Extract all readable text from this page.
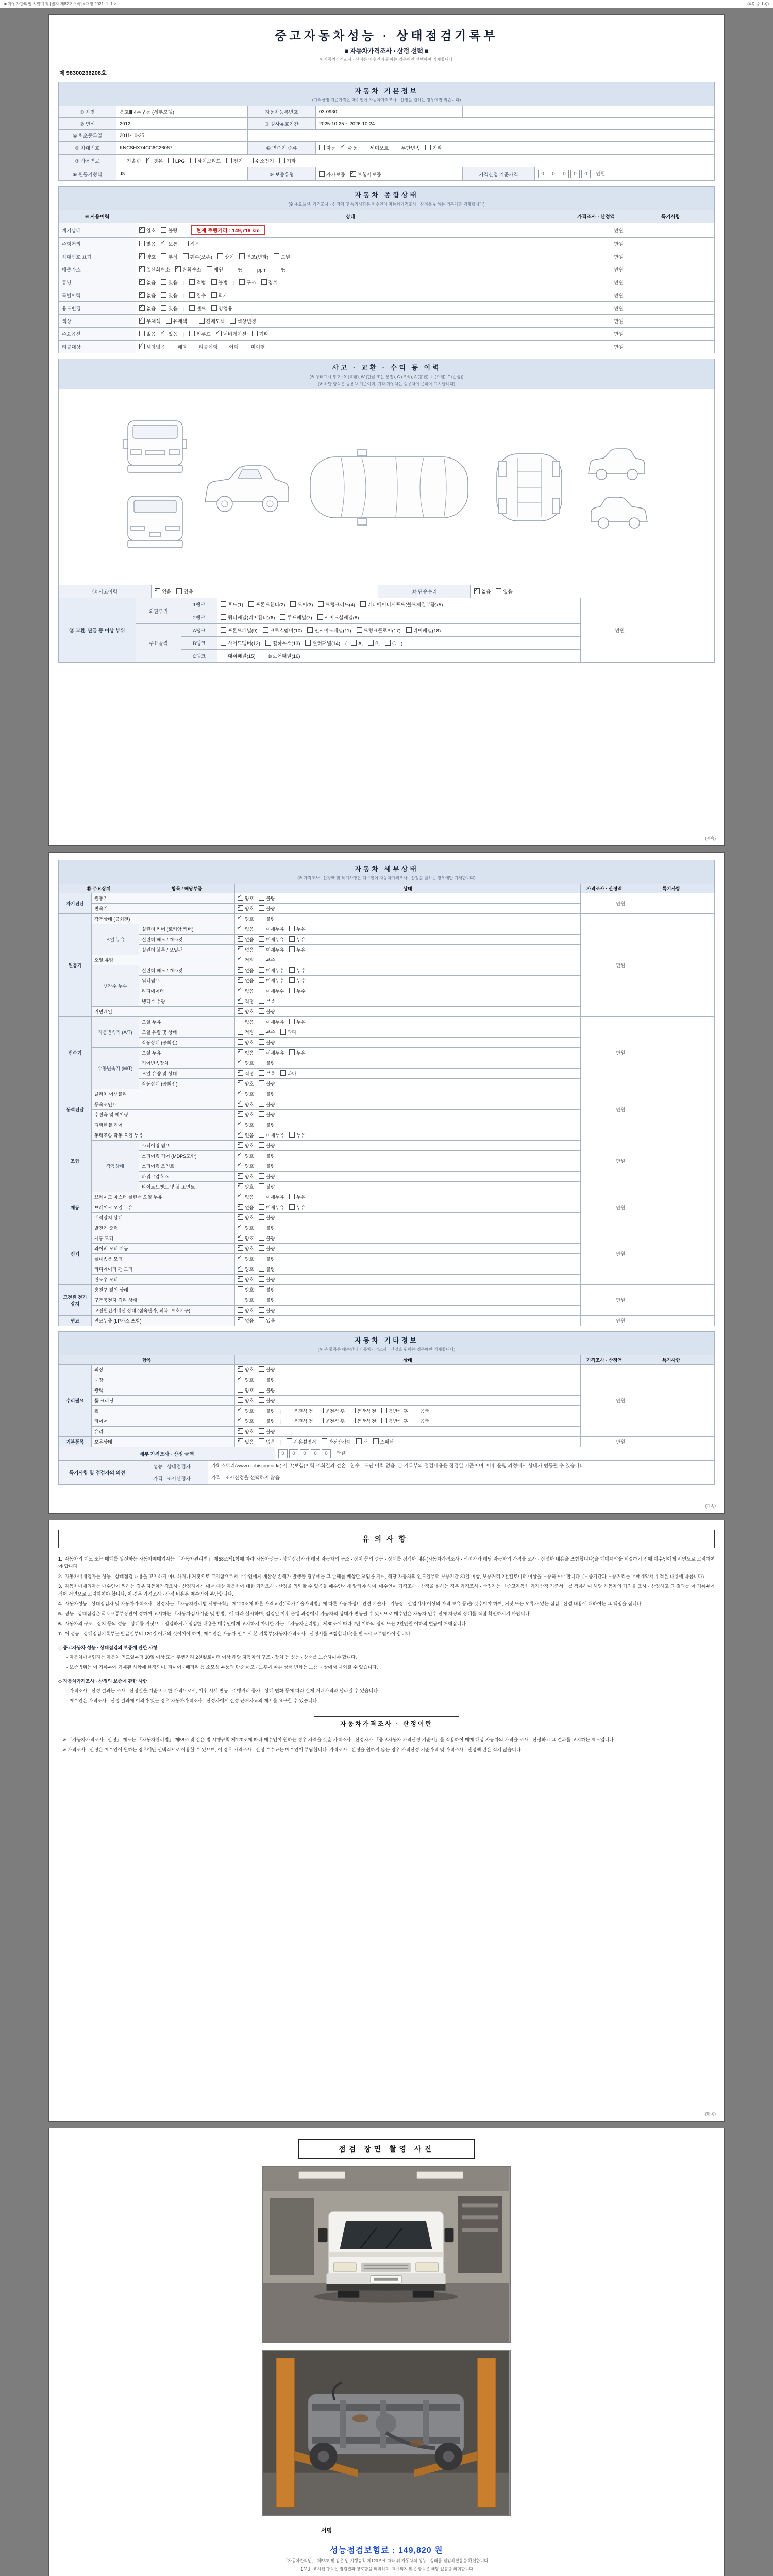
■ 자동차관리법 시행규칙 [별지 제82호서식] <개정 2021. 1. 1.>	(4쪽 중 1쪽)
중고자동차성능 · 상태점검기록부
■ 자동차가격조사 · 산정 선택 ■
※ 자동차가격조사 · 산정은 매수인이 원하는 경우에만 선택하여 기재합니다.
제 98300236208호
자동차 기본정보
(가격산정 기준가격은 매수인이 자동차가격조사 · 산정을 원하는 경우에만 적습니다)
① 차명	봉고Ⅲ 4톤구동 (세부모델)	자동차등록번호	03-0930		
② 연식	2012	③ 검사유효기간	2025-10-25 ~ 2026-10-24		
④ 최초등록일	2011-10-25				
⑤ 차대번호	KNCSHX74CC6C26067	⑥ 변속기 종류	자동 ✓ 수동 세미오토 무단변속 기타
⑦ 사용연료	가솔린 ✓ 경유 LPG 하이브리드 전기 수소전기 기타
⑧ 원동기형식	J3	⑨ 보증유형	자가보증 ✓ 보험사보증	가격산정 기준가격	0 0 0 0 0 만원
자동차 종합상태
(※ 주요옵션, 가격조사 · 산정액 및 특기사항은 매수인이 자동차가격조사 · 산정을 원하는 경우에만 기재합니다)
⑩ 사용이력	상태	가격조사 · 산정액	특기사항
계기상태	✓양호 불량 현재 주행거리 : 149,719 km	만원	
주행거리	많음 ✓ 보통 적음	만원	
차대번호 표기	✓양호 부식 훼손(오손) 상이 변조(변타) 도말	만원	
배출가스	✓일산화탄소 ✓ 탄화수소 매연　　%　　　ppm　　　%	만원	
튜닝	✓없음 있음 | 적법 불법 | 구조 장치	만원	
특별이력	✓없음 있음 | 침수 화재	만원	
용도변경	✓없음 있음 | 렌트 영업용	만원	
색상	✓무채색 유채색 | 전체도색 색상변경	만원	
주요옵션	없음 ✓ 있음 | 썬루프 ✓ 네비게이션 기타	만원	
리콜대상	✓해당없음 해당 | 리콜이행 이행 미이행	만원	
사고 · 교환 · 수리 등 이력
(※ 상태표시 부호 : X (교환), W (판금 또는 용접), C (부식), A (흠집), U (요철), T (손상))
(※ 하단 항목은 승용차 기준이며, 기타 자동차는 승용차에 준하여 표시합니다)
⑫ 사고이력	✓없음	있음	⑬ 단순수리	✓없음	있음
⑭ 교환, 판금 등 이상 부위	외판부위	1랭크	후드(1) 프론트휀더(2) 도어(3) 트렁크리드(4) 라디에이터서포트(볼트체결부품)(5)	만원	
		2랭크	쿼터패널(리어휀더)(6) 루프패널(7) 사이드실패널(8)		
	주요골격	A랭크	프론트패널(9) 크로스멤버(10) 인사이드패널(11) 트렁크플로어(17) 리어패널(18)		
		B랭크	사이드멤버(12) 휠하우스(13) 필러패널(14) ( A, B, C )		
		C랭크	대쉬패널(15) 플로어패널(16)		
(계속)
자동차 세부상태
(※ 가격조사 · 산정액 및 특기사항은 매수인이 자동차가격조사 · 산정을 원하는 경우에만 기재합니다)
⑮ 주요장치		항목 / 해당부품	상태	가격조사 · 산정액	특기사항
자기진단	원동기	✓양호 불량	만원	
	변속기	✓양호 불량
원동기	작동상태 (공회전)	✓양호 불량	만원	
	오일 누유	실린더 커버 (로커암 커버)	✓없음 미세누유 누유
		실린더 헤드 / 개스킷	✓없음 미세누유 누유
		실린더 블록 / 오일팬	✓없음 미세누유 누유
	오일 유량	✓적정 부족
	냉각수 누수	실린더 헤드 / 개스킷	✓없음 미세누수 누수
		워터펌프	✓없음 미세누수 누수
		라디에이터	✓없음 미세누수 누수
		냉각수 수량	✓적정 부족
	커먼레일	✓양호 불량
변속기	자동변속기 (A/T)	오일 누유	없음 미세누유 누유	만원	
		오일 유량 및 상태	적정 부족 과다		
		작동상태 (공회전)	양호 불량		
	수동변속기 (M/T)	오일 누유	✓없음 미세누유 누유
		기어변속장치	✓양호 불량
		오일 유량 및 상태	✓적정 부족 과다
		작동상태 (공회전)	✓양호 불량
동력전달	클러치 어셈블리	✓양호 불량	만원	
	등속조인트	✓양호 불량
	추진축 및 베어링	✓양호 불량
	디퍼렌셜 기어	✓양호 불량
조향	동력조향 작동 오일 누유	✓없음 미세누유 누유	만원	
	작동상태	스티어링 펌프	✓양호 불량
		스티어링 기어 (MDPS포함)	✓양호 불량
		스티어링 조인트	✓양호 불량
		파워고압호스	✓양호 불량
		타이로드엔드 및 볼 조인트	✓양호 불량
제동	브레이크 마스터 실린더 오일 누유	✓없음 미세누유 누유	만원	
	브레이크 오일 누유	✓없음 미세누유 누유
	배력장치 상태	✓양호 불량
전기	발전기 출력	✓양호 불량	만원	
	시동 모터	✓양호 불량
	와이퍼 모터 기능	✓양호 불량
	실내송풍 모터	✓양호 불량
	라디에이터 팬 모터	✓양호 불량
	윈도우 모터	✓양호 불량
고전원 전기장치	충전구 절연 상태		양호 불량	만원	
	구동축전지 격리 상태		양호 불량		
	고전원전기배선 상태 (접속단자, 피복, 보호기구)		양호 불량		
연료	연료누출 (LP가스 포함)	✓없음 있음	만원	
자동차 기타정보
(※ 본 항목은 매수인이 자동차가격조사 · 산정을 원하는 경우에만 기재합니다)
항목		상태	가격조사 · 산정액	특기사항
수리필요	외장	✓양호 불량	만원	
	내장	✓양호 불량
	광택	양호 불량		
	룸 크리닝	양호 불량		
	휠	✓양호 불량 | 운전석 전 운전석 후 동반석 전 동반석 후 응급
	타이어	✓양호 불량 | 운전석 전 운전석 후 동반석 전 동반석 후 응급
	유리	✓양호 불량
기본품목	보유상태	✓있음 없음 | 사용설명서 안전삼각대 잭 스패너	만원	
세부 가격조사 · 산정 금액	0 0 0 0 0 만원
특기사항 및 점검자의 의견	성능 · 상태점검자	카히스토리(www.carhistory.or.kr) 사고(보험)이력 조회결과 전손 · 침수 · 도난 이력 없음. 본 기록부의 점검내용은 점검일 기준이며, 이후 운행 과정에서 상태가 변동될 수 있습니다.
	가격 · 조사산정자	가격 · 조사산정을 선택하지 않음
(계속)
유의사항
1. 자동차의 매도 또는 매매를 알선하는 자동차매매업자는 「자동차관리법」 제58조제1항에 따라 자동차성능 · 상태점검자가 해당 자동차의 구조 · 장치 등의 성능 · 상태를 점검한 내용(자동차가격조사 · 산정자가 해당 자동차의 가격을 조사 · 산정한 내용을 포함합니다)을 매매계약을 체결하기 전에 매수인에게 서면으로 고지하여야 합니다.
2. 자동차매매업자는 성능 · 상태점검 내용을 고지하지 아니하거나 거짓으로 고지함으로써 매수인에게 재산상 손해가 발생한 경우에는 그 손해를 배상할 책임을 지며, 해당 자동차의 인도일부터 보증기간 30일 이상, 보증거리 2천킬로미터 이상을 보증하여야 합니다. (보증기간과 보증거리는 매매계약서에 적은 내용에 따릅니다)
3. 자동차매매업자는 매수인이 원하는 경우 자동차가격조사 · 산정자에게 매매 대상 자동차에 대한 가격조사 · 산정을 의뢰할 수 있음을 매수인에게 알려야 하며, 매수인이 가격조사 · 산정을 원하는 경우 가격조사 · 산정자는 「중고자동차 가격산정 기준서」를 적용하여 해당 자동차의 가격을 조사 · 산정하고 그 결과를 이 기록부에 적어 서면으로 고지하여야 합니다. 이 경우 가격조사 · 산정 비용은 매수인이 부담합니다.
4. 자동차성능 · 상태점검자 및 자동차가격조사 · 산정자는 「자동차관리법 시행규칙」 제120조에 따른 자격요건(「국가기술자격법」에 따른 자동차정비 관련 기술사 · 기능장 · 산업기사 이상의 자격 보유 등)을 갖추어야 하며, 거짓 또는 오류가 있는 점검 · 산정 내용에 대하여는 그 책임을 집니다.
5. 성능 · 상태점검은 국토교통부장관이 정하여 고시하는 「자동차검사기준 및 방법」에 따라 실시하며, 점검일 이후 운행 과정에서 자동차의 상태가 변동될 수 있으므로 매수인은 자동차 인수 전에 차량의 상태를 직접 확인하시기 바랍니다.
6. 자동차의 구조 · 장치 등의 성능 · 상태를 거짓으로 점검하거나 점검한 내용을 매수인에게 고지하지 아니한 자는 「자동차관리법」 제80조에 따라 2년 이하의 징역 또는 2천만원 이하의 벌금에 처해집니다.
7. 이 성능 · 상태점검기록부는 발급일부터 120일 이내의 것이어야 하며, 매수인은 자동차 인수 시 본 기록부(자동차가격조사 · 산정서를 포함합니다)를 반드시 교부받아야 합니다.
◇ 중고자동차 성능 · 상태점검의 보증에 관한 사항
- 자동차매매업자는 자동차 인도일부터 30일 이상 또는 주행거리 2천킬로미터 이상 해당 자동차의 구조 · 장치 등 성능 · 상태를 보증하여야 합니다.
- 보증범위는 이 기록부에 기재된 사항에 한정되며, 타이어 · 배터리 등 소모성 부품과 단순 마모 · 노후에 따른 상태 변화는 보증 대상에서 제외될 수 있습니다.
◇ 자동차가격조사 · 산정의 보증에 관한 사항
- 가격조사 · 산정 결과는 조사 · 산정일을 기준으로 한 가격으로서, 이후 시세 변동 · 주행거리 증가 · 상태 변화 등에 따라 실제 거래가격과 달라질 수 있습니다.
- 매수인은 가격조사 · 산정 결과에 이의가 있는 경우 자동차가격조사 · 산정자에게 산정 근거자료의 제시를 요구할 수 있습니다.
자동차가격조사 · 산정이란

※ 「자동차가격조사 · 산정」 제도는 「자동차관리법」 제58조 및 같은 법 시행규칙 제120조에 따라 매수인이 원하는 경우 자격을 갖춘 가격조사 · 산정자가 「중고자동차 가격산정 기준서」를 적용하여 매매 대상 자동차의 가격을 조사 · 산정하고 그 결과를 고지하는 제도입니다.

※ 가격조사 · 산정은 매수인이 원하는 경우에만 선택적으로 이용할 수 있으며, 이 경우 가격조사 · 산정 수수료는 매수인이 부담합니다. 가격조사 · 산정을 원하지 않는 경우 가격산정 기준가격 및 가격조사 · 산정액 란은 적지 않습니다.

(뒤쪽)
점검 장면 촬영 사진
서명
성능점검보험료 : 149,820 원
「자동차관리법」 제58조 및 같은 법 시행규칙 제120조에 따라 위 자동차의 성능 · 상태를 점검하였음을 확인합니다.
【 V 】 표시된 항목은 점검결과 양호함을 의미하며, 표시되지 않은 항목은 해당 없음을 의미합니다.
